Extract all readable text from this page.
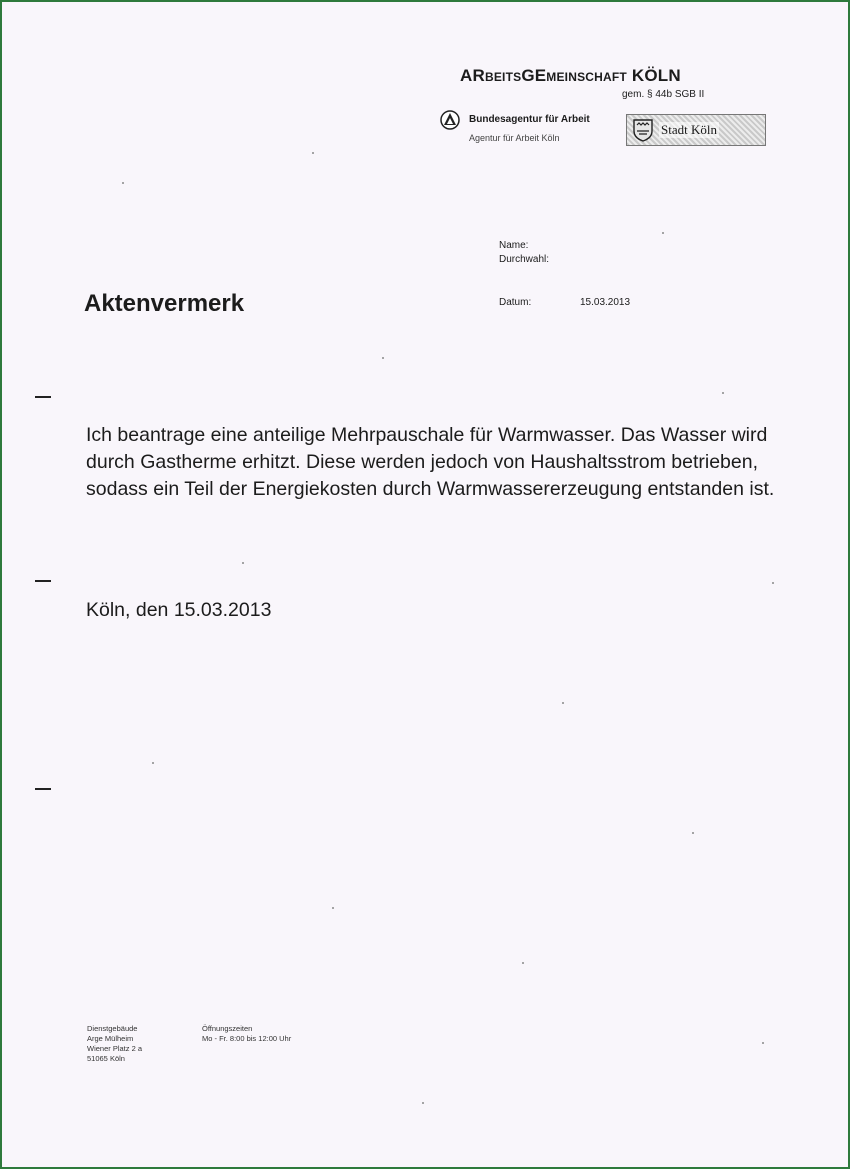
ARbeitsGEmeinschaft KÖLN
gem. § 44b SGB II
Bundesagentur für Arbeit
Agentur für Arbeit Köln
Stadt Köln
Name:
Durchwahl:
Datum:	15.03.2013
Aktenvermerk

Ich beantrage eine anteilige Mehrpauschale für Warmwasser. Das Wasser wird durch Gastherme erhitzt. Diese werden jedoch von Haushaltsstrom betrieben, sodass ein Teil der Energiekosten durch Warmwassererzeugung entstanden ist.

Köln, den 15.03.2013
Dienstgebäude
Arge Mülheim
Wiener Platz 2 a
51065 Köln
Öffnungszeiten
Mo - Fr. 8:00 bis 12:00 Uhr
